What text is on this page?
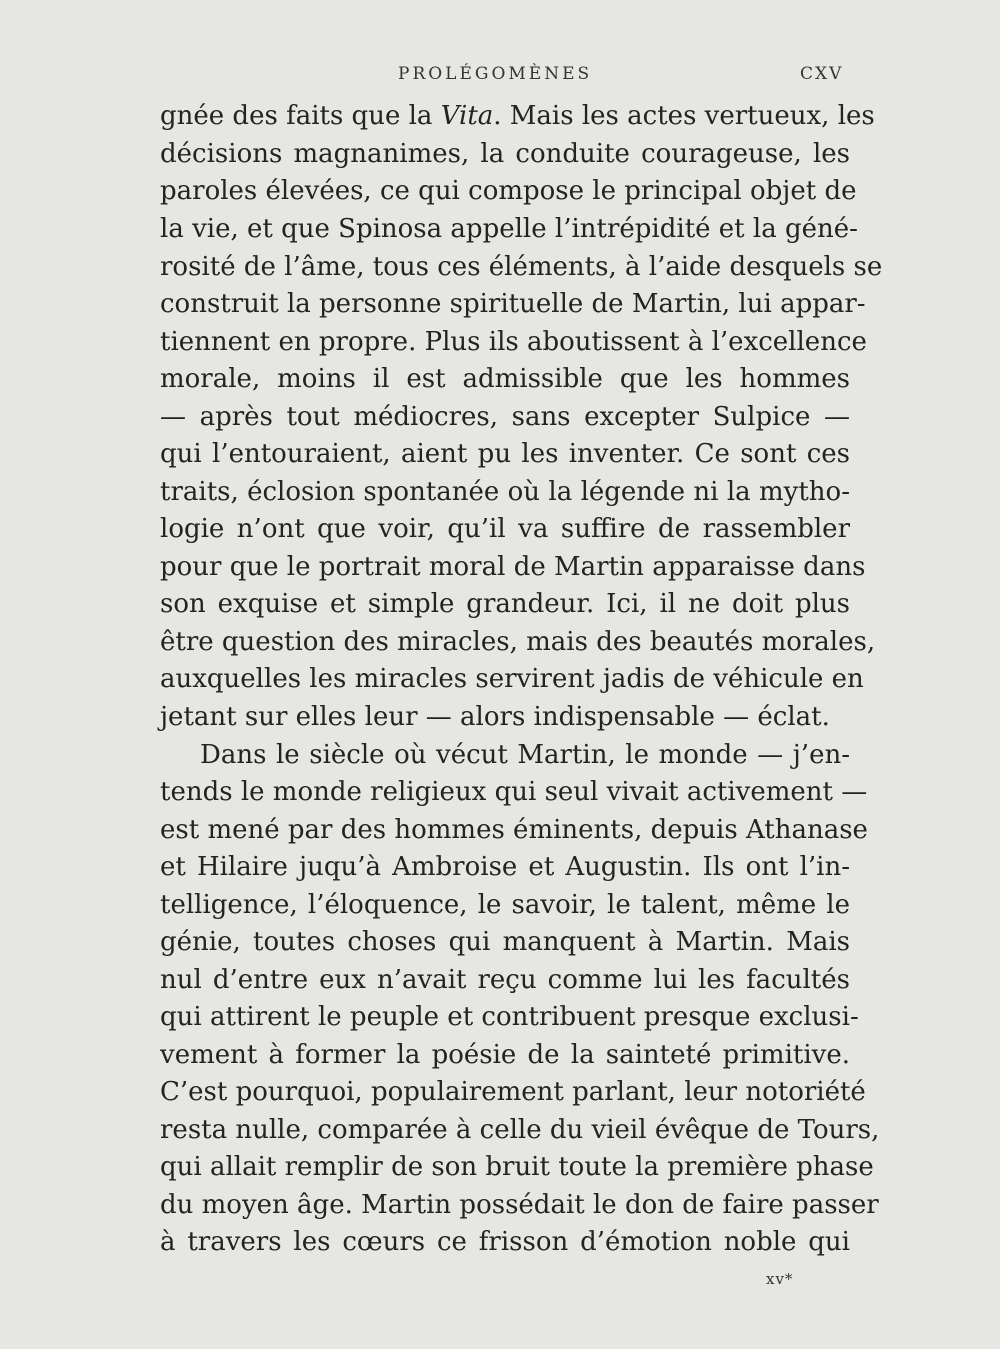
PROLÉGOMÈNES	CXV
gnée des faits que la Vita. Mais les actes vertueux, les
décisions magnanimes, la conduite courageuse, les
paroles élevées, ce qui compose le principal objet de
la vie, et que Spinosa appelle l’intrépidité et la géné-
rosité de l’âme, tous ces éléments, à l’aide desquels se
construit la personne spirituelle de Martin, lui appar-
tiennent en propre. Plus ils aboutissent à l’excellence
morale, moins il est admissible que les hommes
— après tout médiocres, sans excepter Sulpice —
qui l’entouraient, aient pu les inventer. Ce sont ces
traits, éclosion spontanée où la légende ni la mytho-
logie n’ont que voir, qu’il va suffire de rassembler
pour que le portrait moral de Martin apparaisse dans
son exquise et simple grandeur. Ici, il ne doit plus
être question des miracles, mais des beautés morales,
auxquelles les miracles servirent jadis de véhicule en
jetant sur elles leur — alors indispensable — éclat.
Dans le siècle où vécut Martin, le monde — j’en-
tends le monde religieux qui seul vivait activement —
est mené par des hommes éminents, depuis Athanase
et Hilaire juqu’à Ambroise et Augustin. Ils ont l’in-
telligence, l’éloquence, le savoir, le talent, même le
génie, toutes choses qui manquent à Martin. Mais
nul d’entre eux n’avait reçu comme lui les facultés
qui attirent le peuple et contribuent presque exclusi-
vement à former la poésie de la sainteté primitive.
C’est pourquoi, populairement parlant, leur notoriété
resta nulle, comparée à celle du vieil évêque de Tours,
qui allait remplir de son bruit toute la première phase
du moyen âge. Martin possédait le don de faire passer
à travers les cœurs ce frisson d’émotion noble qui
xv*
